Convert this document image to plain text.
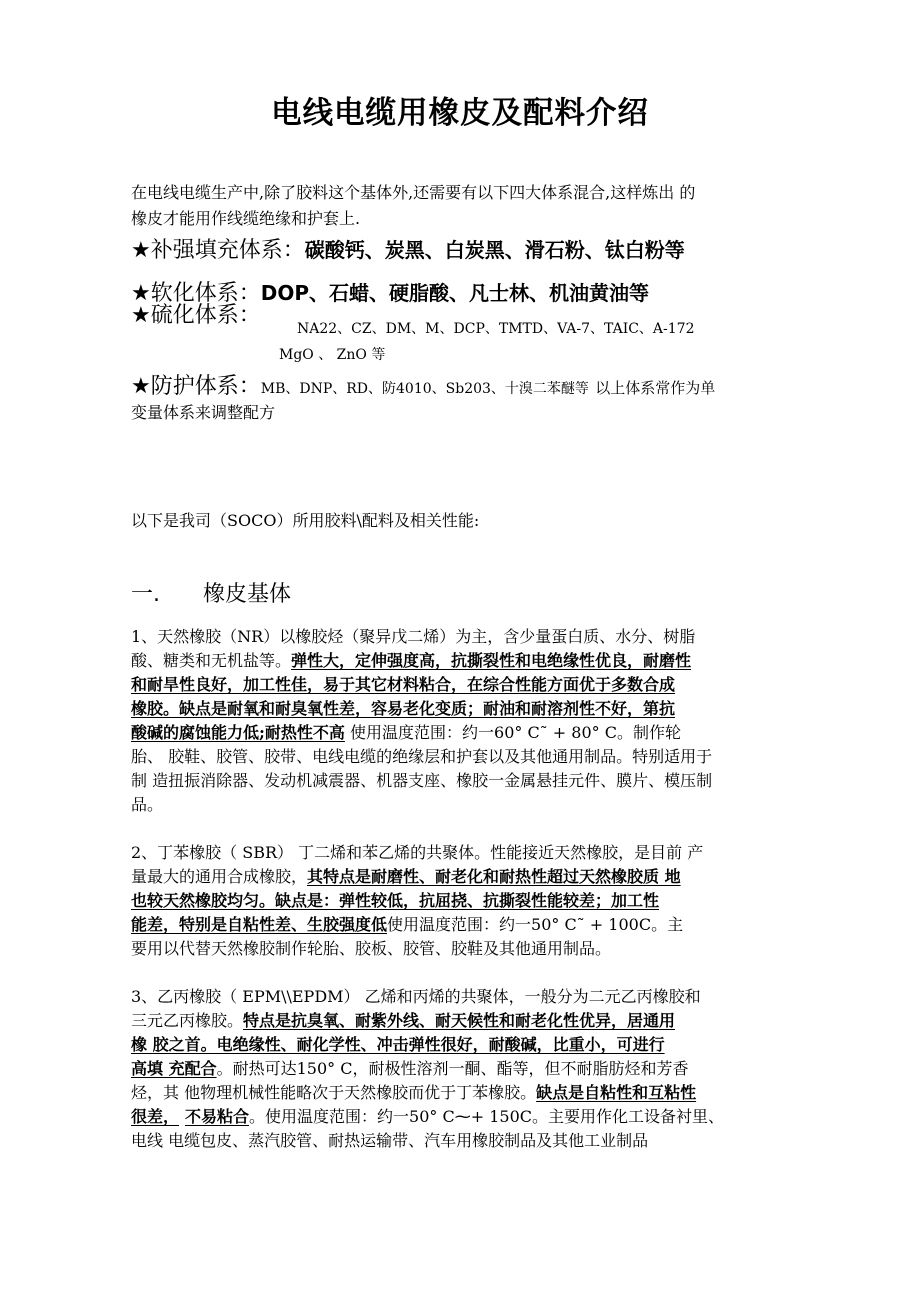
电线电缆用橡皮及配料介绍
在电线电缆生产中,除了胶料这个基体外,还需要有以下四大体系混合,这样炼出 的
橡皮才能用作线缆绝缘和护套上.
★补强填充体系：碳酸钙、炭黑、白炭黑、滑石粉、钛白粉等
★软化体系：DOP、石蜡、硬脂酸、凡士林、机油黄油等
★硫化体系：
NA22、CZ、DM、M、DCP、TMTD、VA-7、TAIC、A-172
MgO 、 ZnO 等
★防护体系：MB、DNP、RD、防4010、Sb203、十溴二苯醚等 以上体系常作为单
变量体系来调整配方
以下是我司（SOCO）所用胶料\配料及相关性能:
一. 橡皮基体
1、天然橡胶（NR）以橡胶烃（聚异戊二烯）为主，含少量蛋白质、水分、树脂
酸、糖类和无机盐等。弹性大，定伸强度高，抗撕裂性和电绝缘性优良，耐磨性
和耐旱性良好，加工性佳，易于其它材料粘合，在综合性能方面优于多数合成
橡胶。缺点是耐氧和耐臭氧性差，容易老化变质；耐油和耐溶剂性不好，第抗
酸碱的腐蚀能力低;耐热性不高 使用温度范围：约一60° C˜ + 80° C。制作轮
胎、 胶鞋、胶管、胶带、电线电缆的绝缘层和护套以及其他通用制品。特别适用于
制 造扭振消除器、发动机减震器、机器支座、橡胶一金属悬挂元件、膜片、模压制
品。
2、丁苯橡胶（ SBR） 丁二烯和苯乙烯的共聚体。性能接近天然橡胶，是目前 产
量最大的通用合成橡胶，其特点是耐磨性、耐老化和耐热性超过天然橡胶质 地
也较天然橡胶均匀。缺点是：弹性较低，抗屈挠、抗撕裂性能较差；加工性
能差，特别是自粘性差、生胶强度低使用温度范围：约一50° C˜ + 100C。主
要用以代替天然橡胶制作轮胎、胶板、胶管、胶鞋及其他通用制品。
3、乙丙橡胶（ EPM\\EPDM） 乙烯和丙烯的共聚体，一般分为二元乙丙橡胶和
三元乙丙橡胶。特点是抗臭氧、耐紫外线、耐天候性和耐老化性优异，居通用
橡 胶之首。电绝缘性、耐化学性、冲击弹性很好，耐酸碱，比重小，可进行
高填 充配合。耐热可达150° C，耐极性溶剂一酮、酯等，但不耐脂肪烃和芳香
烃，其 他物理机械性能略次于天然橡胶而优于丁苯橡胶。缺点是自粘性和互粘性
很差， 不易粘合。使用温度范围：约一50° C⁓+ 150C。主要用作化工设备衬里、
电线 电缆包皮、蒸汽胶管、耐热运输带、汽车用橡胶制品及其他工业制品
